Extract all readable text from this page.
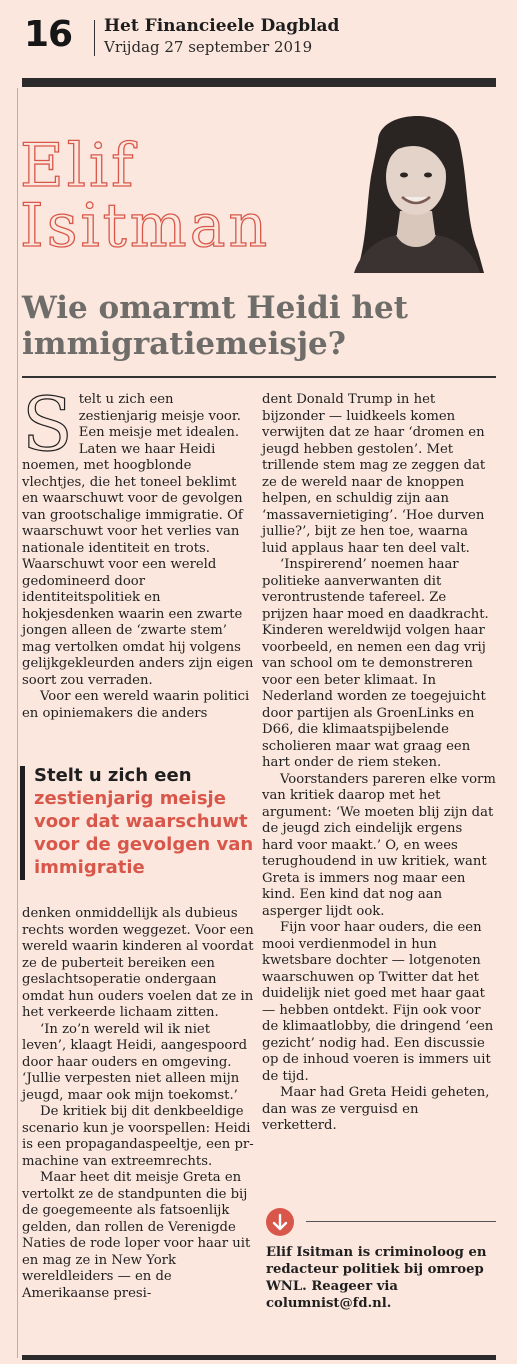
16 Het Financieele Dagblad
Vrijdag 27 september 2019
Elif
Isitman
Wie omarmt Heidi het immigratiemeisje?

Stelt u zich een zestienjarig meisje voor. Een meisje met idealen. Laten we haar Heidi noemen, met hoogblonde vlechtjes, die het toneel beklimt en waarschuwt voor de gevolgen van grootschalige immigratie. Of waarschuwt voor het verlies van nationale identiteit en trots. Waarschuwt voor een wereld gedomineerd door identiteitspolitiek en hokjesdenken waarin een zwarte jongen alleen de ‘zwarte stem’ mag vertolken omdat hij volgens gelijkgekleurden anders zijn eigen soort zou verraden.

Voor een wereld waarin politici en opiniemakers die anders

Stelt u zich een
zestienjarig meisje voor dat waarschuwt voor de gevolgen van immigratie

denken onmiddellijk als dubieus rechts worden weggezet. Voor een wereld waarin kinderen al voordat ze de puberteit bereiken een geslachtsoperatie ondergaan omdat hun ouders voelen dat ze in het verkeerde lichaam zitten.

‘In zo’n wereld wil ik niet leven’, klaagt Heidi, aangespoord door haar ouders en omgeving. ‘Jullie verpesten niet alleen mijn jeugd, maar ook mijn toekomst.’

De kritiek bij dit denkbeeldige scenario kun je voorspellen: Heidi is een propagandaspeeltje, een pr-machine van extreemrechts.

Maar heet dit meisje Greta en vertolkt ze de standpunten die bij de goegemeente als fatsoenlijk gelden, dan rollen de Verenigde Naties de rode loper voor haar uit en mag ze in New York wereldleiders — en de Amerikaanse presi-

dent Donald Trump in het bijzonder — luidkeels komen verwijten dat ze haar ‘dromen en jeugd hebben gestolen’. Met trillende stem mag ze zeggen dat ze de wereld naar de knoppen helpen, en schuldig zijn aan ‘massavernietiging’. ‘Hoe durven jullie?’, bijt ze hen toe, waarna luid applaus haar ten deel valt.

‘Inspirerend’ noemen haar politieke aanverwanten dit verontrustende tafereel. Ze prijzen haar moed en daadkracht. Kinderen wereldwijd volgen haar voorbeeld, en nemen een dag vrij van school om te demonstreren voor een beter klimaat. In Nederland worden ze toegejuicht door partijen als GroenLinks en D66, die klimaatspijbelende scholieren maar wat graag een hart onder de riem steken.

Voorstanders pareren elke vorm van kritiek daarop met het argument: ‘We moeten blij zijn dat de jeugd zich eindelijk ergens hard voor maakt.’ O, en wees terughoudend in uw kritiek, want Greta is immers nog maar een kind. Een kind dat nog aan asperger lijdt ook.

Fijn voor haar ouders, die een mooi verdienmodel in hun kwetsbare dochter — lotgenoten waarschuwen op Twitter dat het duidelijk niet goed met haar gaat — hebben ontdekt. Fijn ook voor de klimaatlobby, die dringend ‘een gezicht’ nodig had. Een discussie op de inhoud voeren is immers uit de tijd.

Maar had Greta Heidi geheten, dan was ze verguisd en verketterd.

Elif Isitman is criminoloog en redacteur politiek bij omroep WNL. Reageer via columnist@fd.nl.
